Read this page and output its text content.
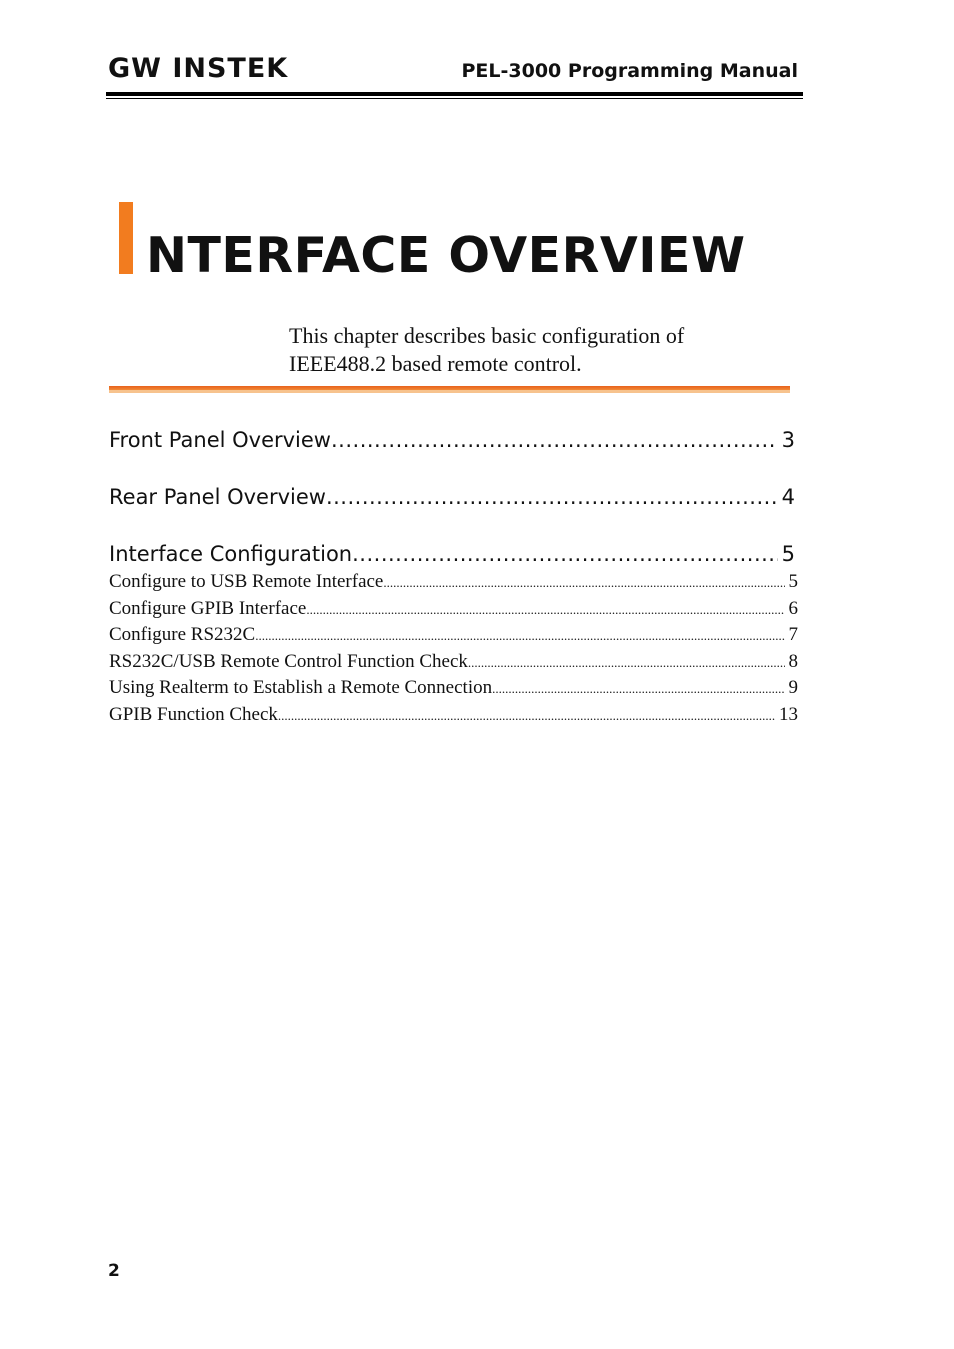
GW INSTEK	PEL-3000 Programming Manual
NTERFACE OVERVIEW
This chapter describes basic configuration of IEEE488.2 based remote control.
Front Panel Overview .....	3
Rear Panel Overview .....	4
Interface Configuration .....	5
Configure to USB Remote Interface .....	5
Configure GPIB Interface .....	6
Configure RS232C .....	7
RS232C/USB Remote Control Function Check .....	8
Using Realterm to Establish a Remote Connection .....	9
GPIB Function Check .....	13
2
